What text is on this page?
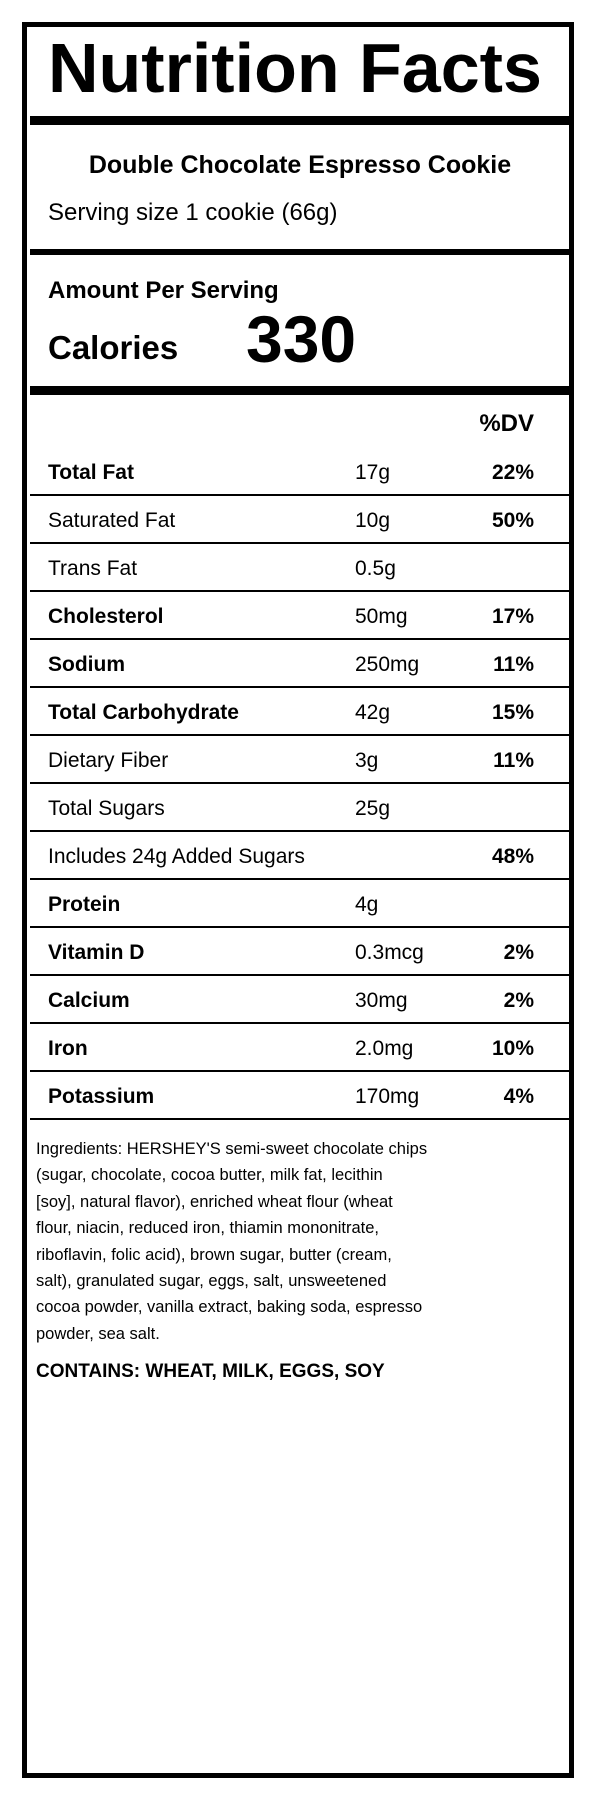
Nutrition Facts
Double Chocolate Espresso Cookie
Serving size 1 cookie (66g)
Amount Per Serving
Calories 330
%DV
Total Fat	17g	22%
Saturated Fat	10g	50%
Trans Fat	0.5g
Cholesterol	50mg	17%
Sodium	250mg	11%
Total Carbohydrate	42g	15%
Dietary Fiber	3g	11%
Total Sugars	25g
Includes 24g Added Sugars	48%
Protein	4g
Vitamin D	0.3mcg	2%
Calcium	30mg	2%
Iron	2.0mg	10%
Potassium	170mg	4%
Ingredients: HERSHEY'S semi-sweet chocolate chips
(sugar, chocolate, cocoa butter, milk fat, lecithin
[soy], natural flavor), enriched wheat flour (wheat
flour, niacin, reduced iron, thiamin mononitrate,
riboflavin, folic acid), brown sugar, butter (cream,
salt), granulated sugar, eggs, salt, unsweetened
cocoa powder, vanilla extract, baking soda, espresso
powder, sea salt.
CONTAINS: WHEAT, MILK, EGGS, SOY
